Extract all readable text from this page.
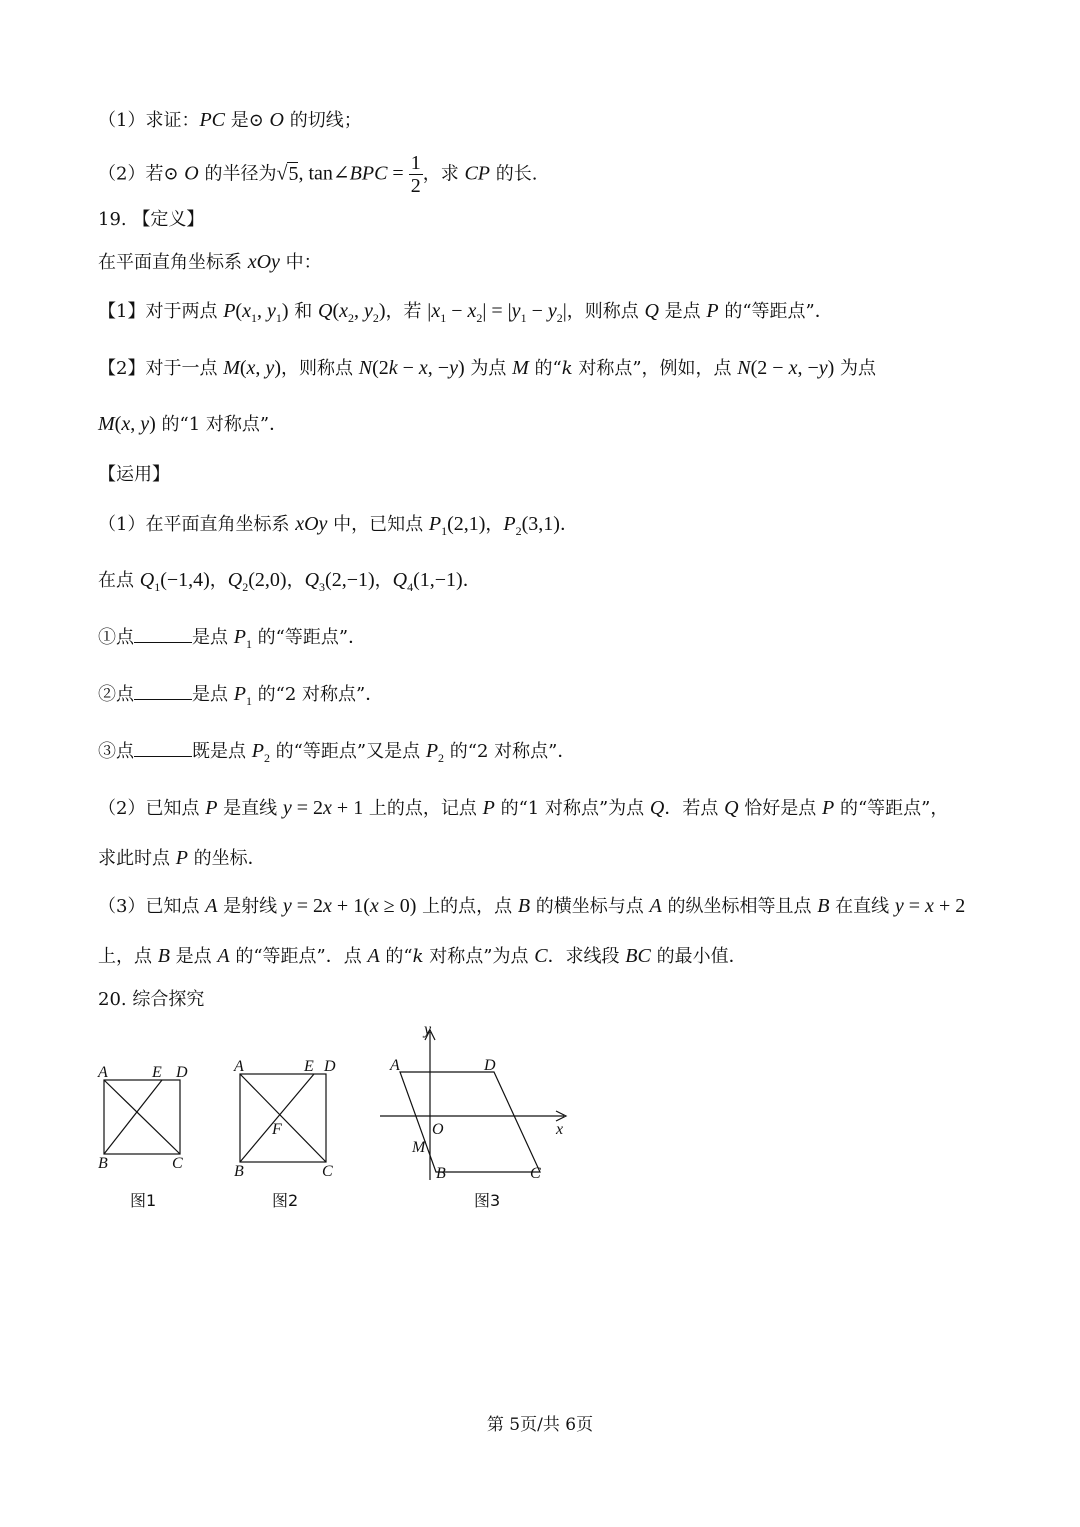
（1）求证：PC 是⊙ O 的切线；
（2）若⊙ O 的半径为√5, tan∠BPC = $\frac{1}{2}$ ，求 CP 的长.
19. 【定义】
在平面直角坐标系 xOy 中：
【1】对于两点 $P(x_1$, $y_1$) 和 $Q(x_2$, $y_2$)，若 $|x_1 - x_2| = |y_1 - y_2|$，则称点 Q 是点 P 的“等距点”．
【2】对于一点 M(x, y)，则称点 N(2k − x, −y) 为点 M 的“k 对称点”，例如，点 N(2 − x, −y) 为点
M(x, y) 的“1 对称点”．
【运用】
（1）在平面直角坐标系 xOy 中，已知点 $P_1(2,1)$，$P_2(3,1)$．
在点 $Q_1(-1,4)$，$Q_2(2,0)$，$Q_3(2,-1)$，$Q_4(1,-1)$．
①点	是点 $P_1$ 的“等距点”．
②点	是点 $P_1$ 的“2 对称点”．
③点	既是点 $P_2$ 的“等距点”又是点 $P_2$ 的“2 对称点”．
（2）已知点 P 是直线 y = 2x + 1 上的点，记点 P 的“1 对称点”为点 Q．若点 Q 恰好是点 P 的“等距点”，
求此时点 P 的坐标．
（3）已知点 A 是射线 y = 2x + 1(x ≥ 0) 上的点，点 B 的横坐标与点 A 的纵坐标相等且点 B 在直线 y = x + 2
上，点 B 是点 A 的“等距点”．点 A 的“k 对称点”为点 C．求线段 BC 的最小值．
20. 综合探究
A	E D
B	C
图1
A	E D
F
B	C
图2
y
A	D
O	x
M
B	C
图3
第 5页/共 6页
